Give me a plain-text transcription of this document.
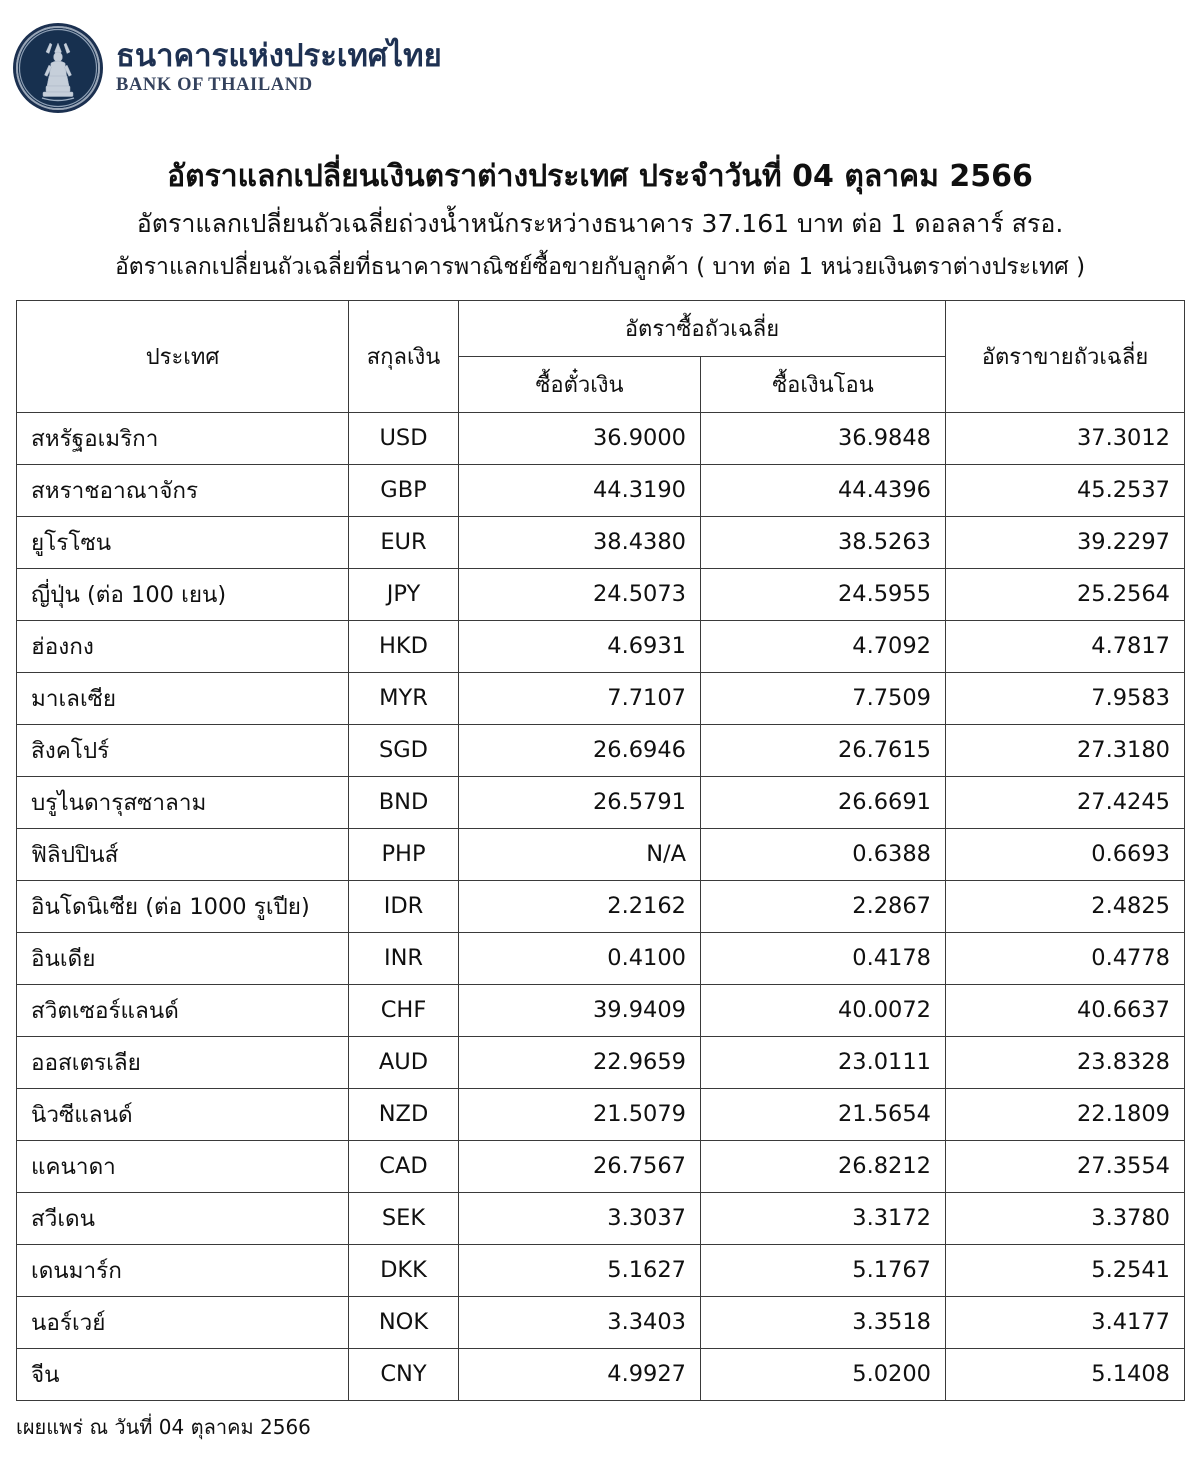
ธนาคารแห่งประเทศไทย
BANK OF THAILAND
อัตราแลกเปลี่ยนเงินตราต่างประเทศ ประจำวันที่ 04 ตุลาคม 2566
อัตราแลกเปลี่ยนถัวเฉลี่ยถ่วงน้ำหนักระหว่างธนาคาร 37.161 บาท ต่อ 1 ดอลลาร์ สรอ.
อัตราแลกเปลี่ยนถัวเฉลี่ยที่ธนาคารพาณิชย์ซื้อขายกับลูกค้า ( บาท ต่อ 1 หน่วยเงินตราต่างประเทศ )
ประเทศ	สกุลเงิน	อัตราซื้อถัวเฉลี่ย		อัตราขายถัวเฉลี่ย
		ซื้อตั๋วเงิน	ซื้อเงินโอน	
สหรัฐอเมริกา	USD	36.9000	36.9848	37.3012
สหราชอาณาจักร	GBP	44.3190	44.4396	45.2537
ยูโรโซน	EUR	38.4380	38.5263	39.2297
ญี่ปุ่น (ต่อ 100 เยน)	JPY	24.5073	24.5955	25.2564
ฮ่องกง	HKD	4.6931	4.7092	4.7817
มาเลเซีย	MYR	7.7107	7.7509	7.9583
สิงคโปร์	SGD	26.6946	26.7615	27.3180
บรูไนดารุสซาลาม	BND	26.5791	26.6691	27.4245
ฟิลิปปินส์	PHP	N/A	0.6388	0.6693
อินโดนิเซีย (ต่อ 1000 รูเปีย)	IDR	2.2162	2.2867	2.4825
อินเดีย	INR	0.4100	0.4178	0.4778
สวิตเซอร์แลนด์	CHF	39.9409	40.0072	40.6637
ออสเตรเลีย	AUD	22.9659	23.0111	23.8328
นิวซีแลนด์	NZD	21.5079	21.5654	22.1809
แคนาดา	CAD	26.7567	26.8212	27.3554
สวีเดน	SEK	3.3037	3.3172	3.3780
เดนมาร์ก	DKK	5.1627	5.1767	5.2541
นอร์เวย์	NOK	3.3403	3.3518	3.4177
จีน	CNY	4.9927	5.0200	5.1408
เผยแพร่ ณ วันที่ 04 ตุลาคม 2566
